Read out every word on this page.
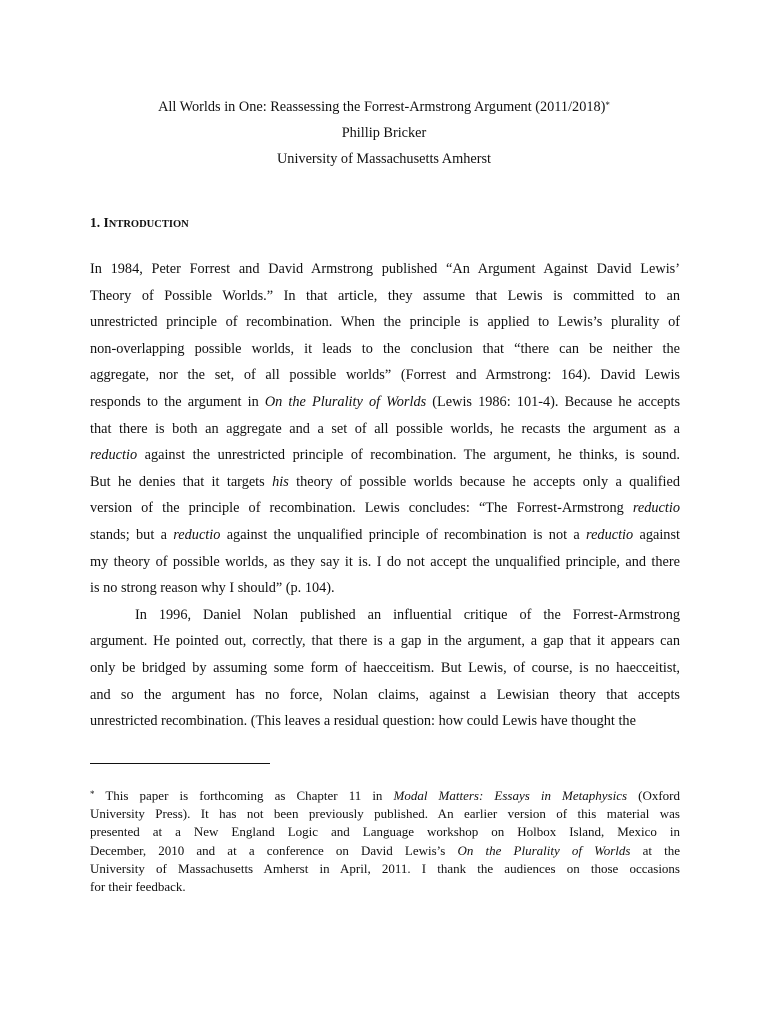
All Worlds in One: Reassessing the Forrest-Armstrong Argument (2011/2018)*
Phillip Bricker
University of Massachusetts Amherst
1. INTRODUCTION
In 1984, Peter Forrest and David Armstrong published “An Argument Against David Lewis’
Theory of Possible Worlds.” In that article, they assume that Lewis is committed to an
unrestricted principle of recombination. When the principle is applied to Lewis’s plurality of
non-overlapping possible worlds, it leads to the conclusion that “there can be neither the
aggregate, nor the set, of all possible worlds” (Forrest and Armstrong: 164). David Lewis
responds to the argument in On the Plurality of Worlds (Lewis 1986: 101-4). Because he accepts
that there is both an aggregate and a set of all possible worlds, he recasts the argument as a
reductio against the unrestricted principle of recombination. The argument, he thinks, is sound.
But he denies that it targets his theory of possible worlds because he accepts only a qualified
version of the principle of recombination. Lewis concludes: “The Forrest-Armstrong reductio
stands; but a reductio against the unqualified principle of recombination is not a reductio against
my theory of possible worlds, as they say it is. I do not accept the unqualified principle, and there
is no strong reason why I should” (p. 104).
In 1996, Daniel Nolan published an influential critique of the Forrest-Armstrong
argument. He pointed out, correctly, that there is a gap in the argument, a gap that it appears can
only be bridged by assuming some form of haecceitism. But Lewis, of course, is no haecceitist,
and so the argument has no force, Nolan claims, against a Lewisian theory that accepts
unrestricted recombination. (This leaves a residual question: how could Lewis have thought the
* This paper is forthcoming as Chapter 11 in Modal Matters: Essays in Metaphysics (Oxford
University Press). It has not been previously published. An earlier version of this material was
presented at a New England Logic and Language workshop on Holbox Island, Mexico in
December, 2010 and at a conference on David Lewis’s On the Plurality of Worlds at the
University of Massachusetts Amherst in April, 2011. I thank the audiences on those occasions
for their feedback.
